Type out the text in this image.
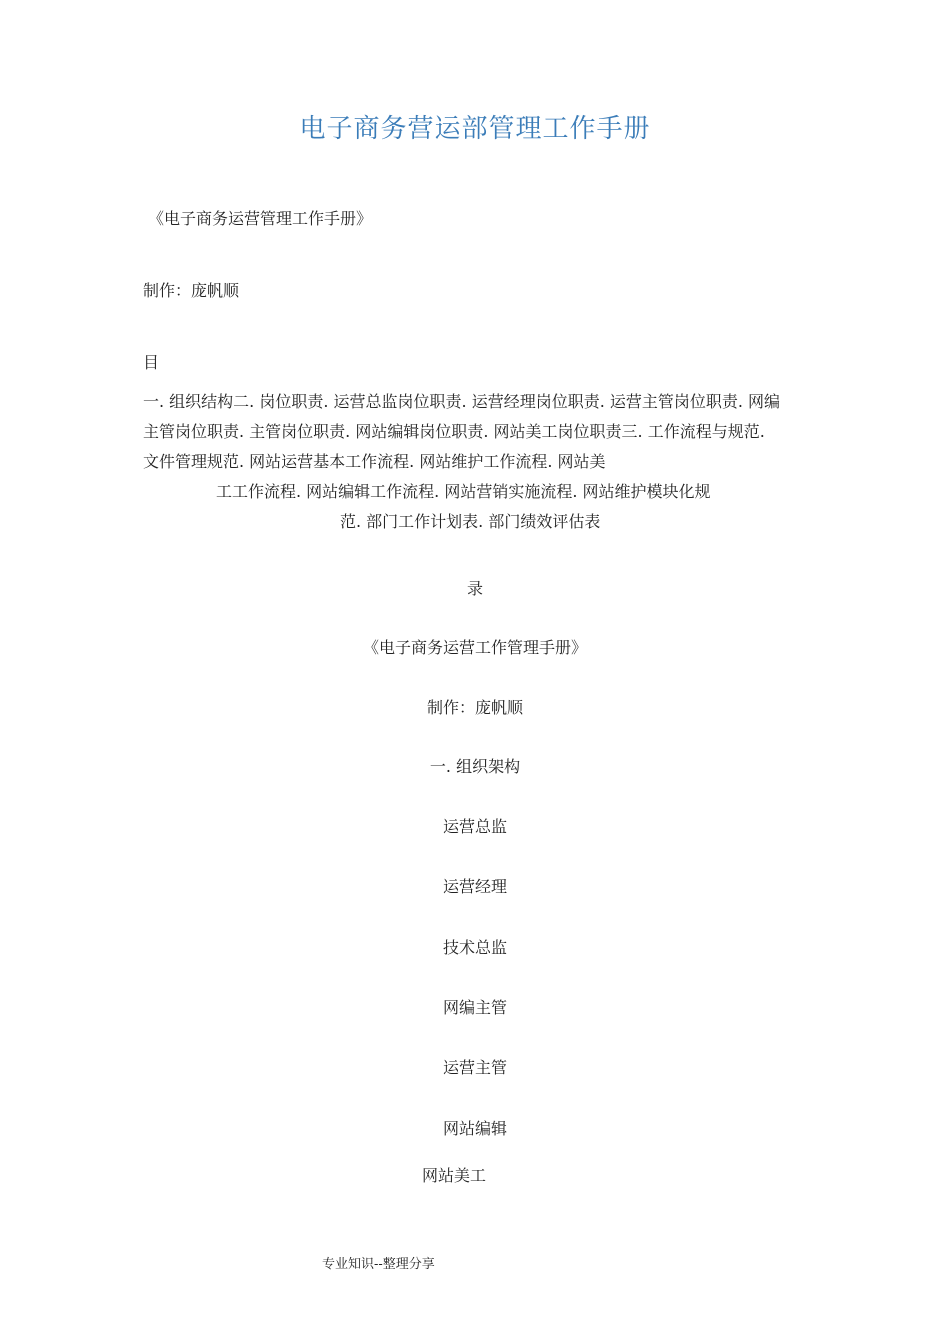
电子商务营运部管理工作手册
《电子商务运营管理工作手册》
制作：庞帆顺
目
一. 组织结构二. 岗位职责. 运营总监岗位职责. 运营经理岗位职责. 运营主管岗位职责. 网编
主管岗位职责. 主管岗位职责. 网站编辑岗位职责. 网站美工岗位职责三. 工作流程与规范.
文件管理规范. 网站运营基本工作流程. 网站维护工作流程. 网站美
工工作流程. 网站编辑工作流程. 网站营销实施流程. 网站维护模块化规
范. 部门工作计划表. 部门绩效评估表
录
《电子商务运营工作管理手册》
制作：庞帆顺
一. 组织架构
运营总监
运营经理
技术总监
网编主管
运营主管
网站编辑
网站美工
专业知识--整理分享
